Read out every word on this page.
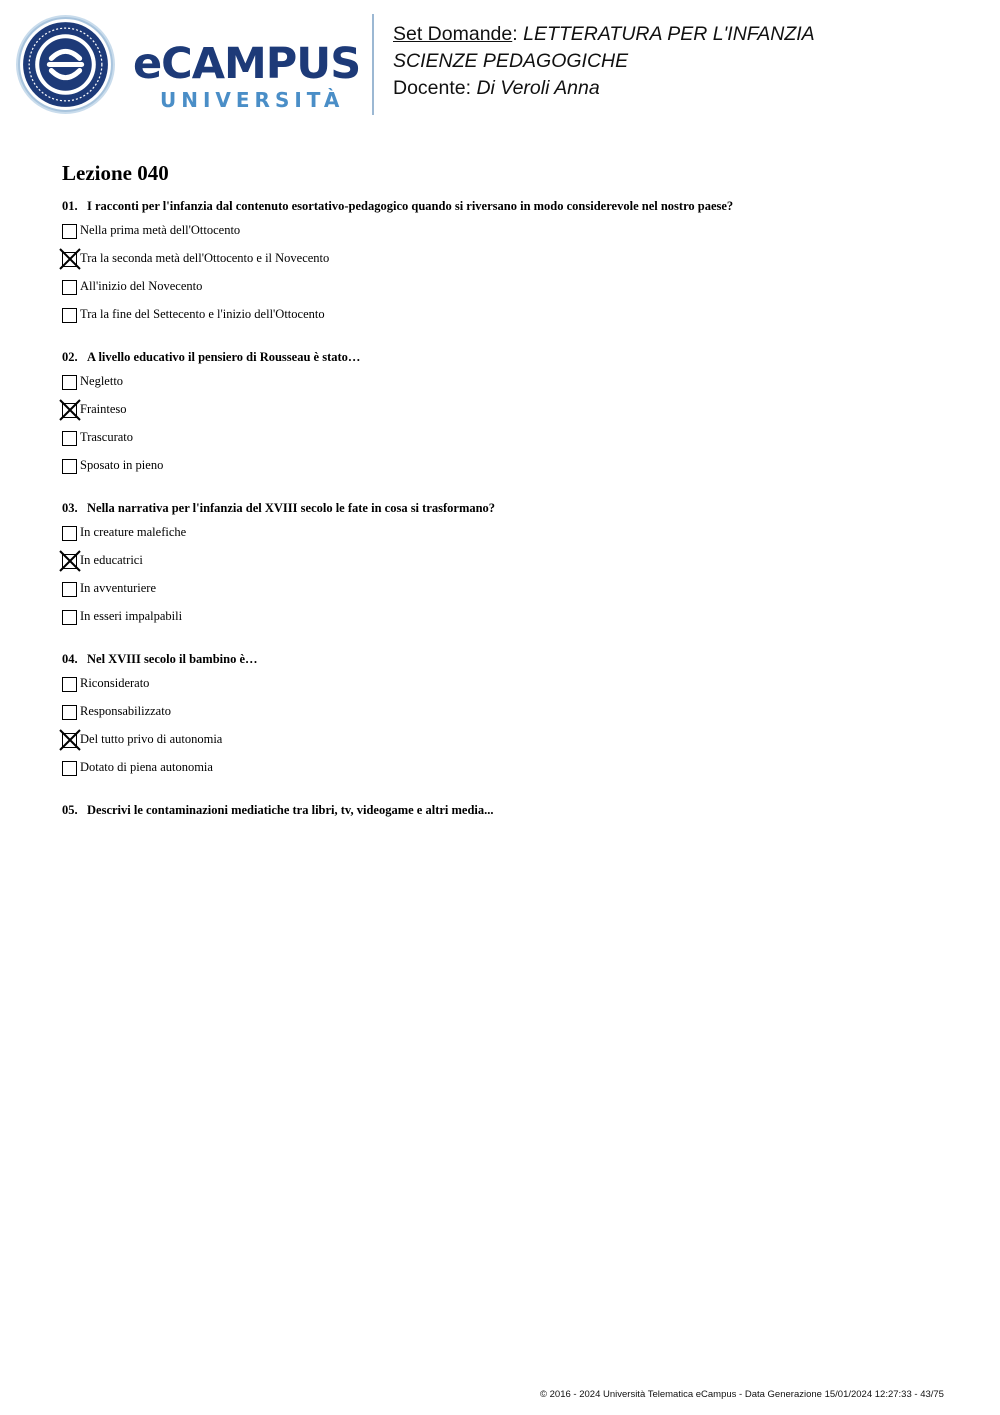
eCAMPUS
UNIVERSITÀ
Set Domande: LETTERATURA PER L'INFANZIA
SCIENZE PEDAGOGICHE
Docente: Di Veroli Anna
Lezione 040
01. I racconti per l'infanzia dal contenuto esortativo-pedagogico quando si riversano in modo considerevole nel nostro paese?
Nella prima metà dell'Ottocento
Tra la seconda metà dell'Ottocento e il Novecento
All'inizio del Novecento
Tra la fine del Settecento e l'inizio dell'Ottocento
02. A livello educativo il pensiero di Rousseau è stato…
Negletto
Frainteso
Trascurato
Sposato in pieno
03. Nella narrativa per l'infanzia del XVIII secolo le fate in cosa si trasformano?
In creature malefiche
In educatrici
In avventuriere
In esseri impalpabili
04. Nel XVIII secolo il bambino è…
Riconsiderato
Responsabilizzato
Del tutto privo di autonomia
Dotato di piena autonomia
05. Descrivi le contaminazioni mediatiche tra libri, tv, videogame e altri media...
© 2016 - 2024 Università Telematica eCampus - Data Generazione 15/01/2024 12:27:33 - 43/75
